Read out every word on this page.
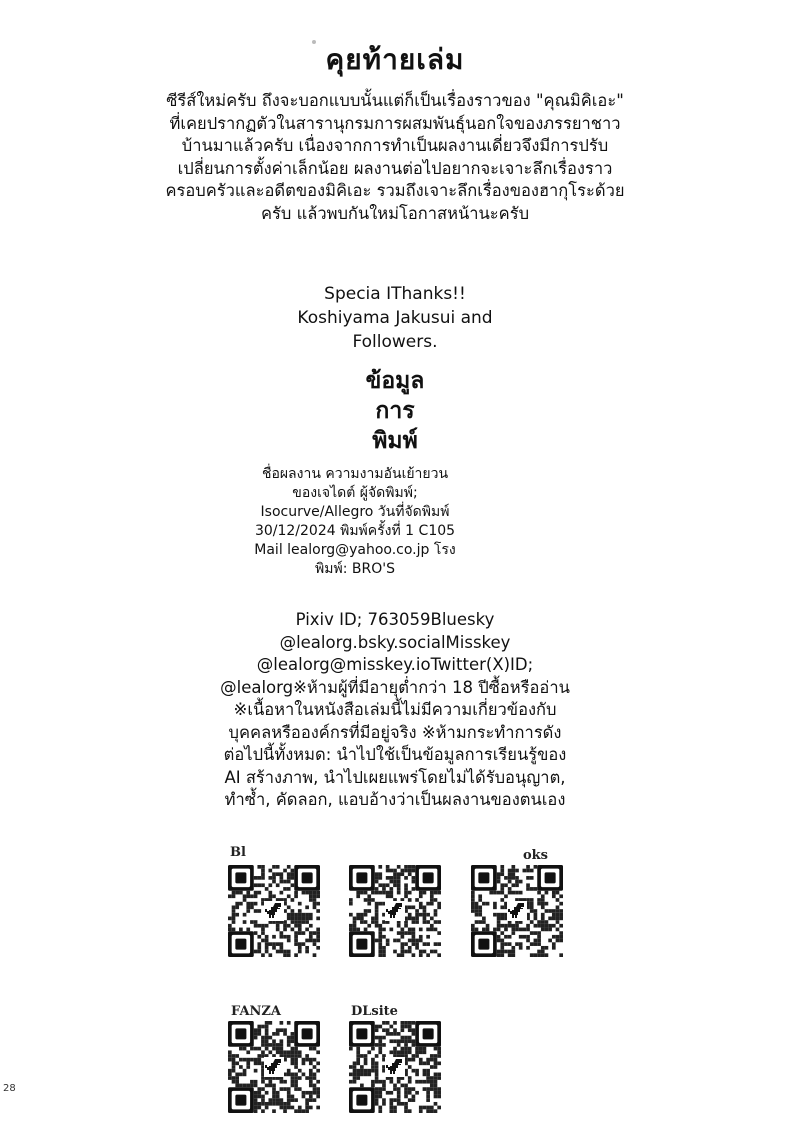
คุยท้ายเล่ม
ซีรีส์ใหม่ครับ ถึงจะบอกแบบนั้นแต่ก็เป็นเรื่องราวของ "คุณมิคิเอะ" ที่เคยปรากฏตัวในสารานุกรมการผสมพันธุ์นอกใจของภรรยาชาวบ้านมาแล้วครับ เนื่องจากการทำเป็นผลงานเดี่ยวจึงมีการปรับเปลี่ยนการตั้งค่าเล็กน้อย ผลงานต่อไปอยากจะเจาะลึกเรื่องราวครอบครัวและอดีตของมิคิเอะ รวมถึงเจาะลึกเรื่องของฮากุโระด้วยครับ แล้วพบกันใหม่โอกาสหน้านะครับ
Specia IThanks!!
Koshiyama Jakusui and
Followers.
ข้อมูล
การ
พิมพ์
ชื่อผลงาน ความงามอันเย้ายวนของเจไดต์ ผู้จัดพิมพ์; Isocurve/Allegro วันที่จัดพิมพ์ 30/12/2024 พิมพ์ครั้งที่ 1 C105 Mail lealorg@yahoo.co.jp โรงพิมพ์: BRO'S
Pixiv ID; 763059Bluesky @lealorg.bsky.socialMisskey @lealorg@misskey.ioTwitter(X)ID; @lealorg※ห้ามผู้ที่มีอายุต่ำกว่า 18 ปีซื้อหรืออ่าน ※เนื้อหาในหนังสือเล่มนี้ไม่มีความเกี่ยวข้องกับบุคคลหรือองค์กรที่มีอยู่จริง ※ห้ามกระทำการดังต่อไปนี้ทั้งหมด: นำไปใช้เป็นข้อมูลการเรียนรู้ของ AI สร้างภาพ, นำไปเผยแพร่โดยไม่ได้รับอนุญาต, ทำซ้ำ, คัดลอก, แอบอ้างว่าเป็นผลงานของตนเอง
Bl	oks
FANZA	DLsite
28
